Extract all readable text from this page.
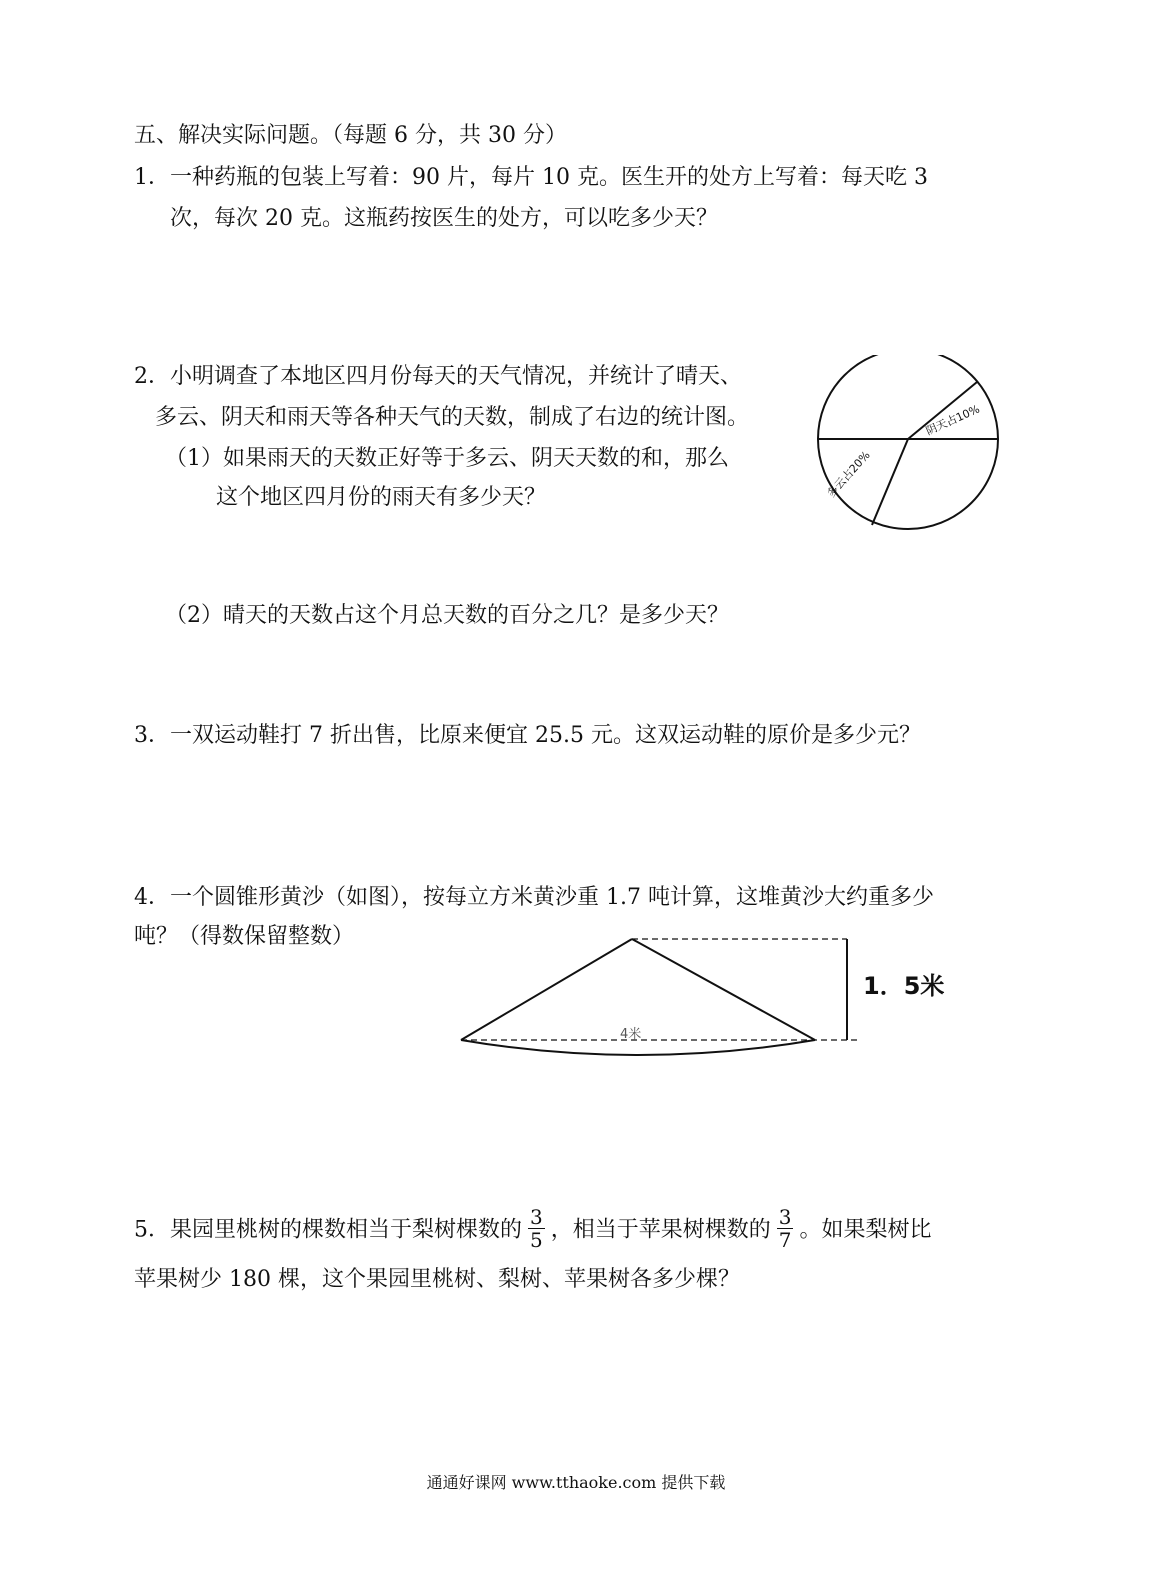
五、解决实际问题。（每题 6 分，共 30 分）
1．一种药瓶的包装上写着：90 片，每片 10 克。医生开的处方上写着：每天吃 3
次，每次 20 克。这瓶药按医生的处方，可以吃多少天？
2．小明调查了本地区四月份每天的天气情况，并统计了晴天、
多云、阴天和雨天等各种天气的天数，制成了右边的统计图。
（1）如果雨天的天数正好等于多云、阴天天数的和，那么
这个地区四月份的雨天有多少天？
（2）晴天的天数占这个月总天数的百分之几？是多少天？
阴天占10%
多云占20%
3．一双运动鞋打 7 折出售，比原来便宜 25.5 元。这双运动鞋的原价是多少元？
4．一个圆锥形黄沙（如图），按每立方米黄沙重 1.7 吨计算，这堆黄沙大约重多少
吨？（得数保留整数）
4米
1．5米
5．果园里桃树的棵数相当于梨树棵数的 $\frac{3}{5}$ ，相当于苹果树棵数的 $\frac{3}{7}$ 。如果梨树比
苹果树少 180 棵，这个果园里桃树、梨树、苹果树各多少棵？
通通好课网 www.tthaoke.com 提供下载
